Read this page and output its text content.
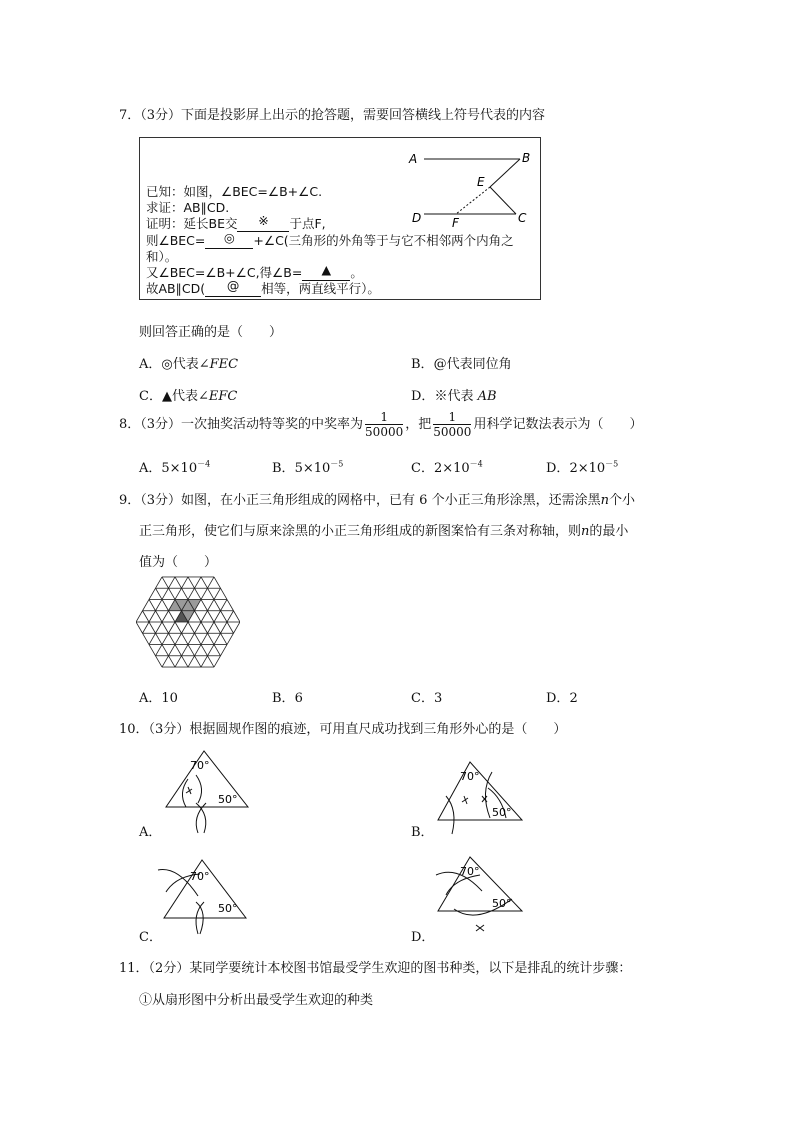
7．（3分）下面是投影屏上出示的抢答题，需要回答横线上符号代表的内容
已知：如图，∠BEC=∠B+∠C.
求证：AB∥CD.
证明：延长BE交 ※ 于点F,
则∠BEC= ◎ +∠C(三角形的外角等于与它不相邻两个内角之
和）。
又∠BEC=∠B+∠C,得∠B= ▲ 。
故AB∥CD( @ 相等，两直线平行）。
A	B
E
D	F	C
则回答正确的是（　　）
A．◎代表∠FEC	B．@代表同位角
C．▲代表∠EFC	D．※代表 AB
8．（3分）一次抽奖活动特等奖的中奖率为 $\frac{1}{50000}$ ，把 $\frac{1}{50000}$ 用科学记数法表示为（　　）
A．$5\times 10^{-4}$	B．$5\times 10^{-5}$	C．$2\times 10^{-4}$	D．$2\times 10^{-5}$
9．（3分）如图，在小正三角形组成的网格中，已有 6 个小正三角形涂黑，还需涂黑n个小
正三角形，使它们与原来涂黑的小正三角形组成的新图案恰有三条对称轴，则n的最小
值为（　　）
A．10	B．6	C．3	D．2
10．（3分）根据圆规作图的痕迹，可用直尺成功找到三角形外心的是（　　）
70°
50°
A．
70°
50°
B．
70°
50°
C．
70°
50°
D．
11．（2分）某同学要统计本校图书馆最受学生欢迎的图书种类，以下是排乱的统计步骤：
①从扇形图中分析出最受学生欢迎的种类
